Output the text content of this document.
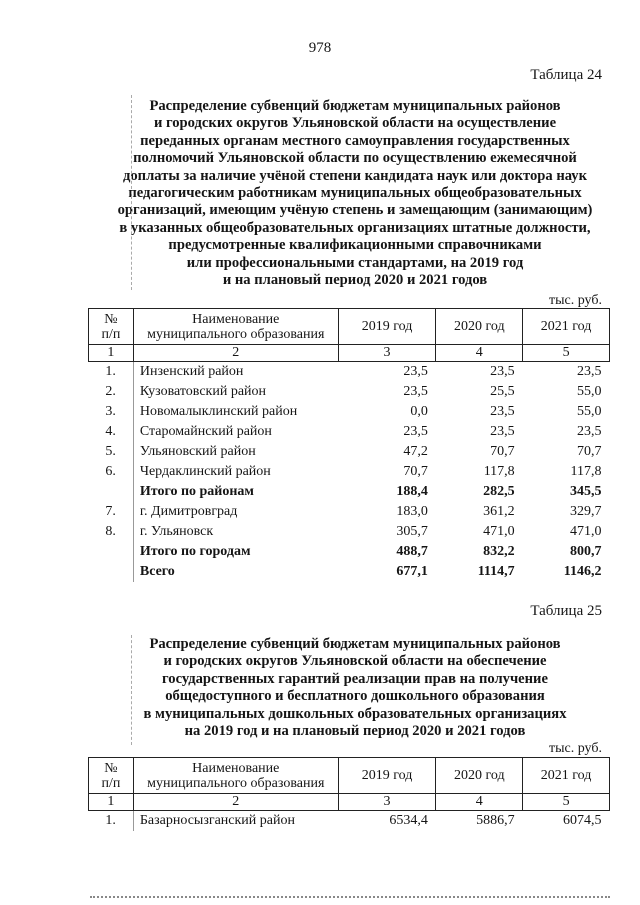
978
Таблица 24
Распределение субвенций бюджетам муниципальных районов
и городских округов Ульяновской области на осуществление
переданных органам местного самоуправления государственных
полномочий Ульяновской области по осуществлению ежемесячной
доплаты за наличие учёной степени кандидата наук или доктора наук
педагогическим работникам муниципальных общеобразовательных
организаций, имеющим учёную степень и замещающим (занимающим)
в указанных общеобразовательных организациях штатные должности,
предусмотренные квалификационными справочниками
или профессиональными стандартами, на 2019 год
и на плановый период 2020 и 2021 годов
тыс. руб.
№
п/п	Наименование
муниципального образования	2019 год	2020 год	2021 год
1	2	3	4	5
1.	Инзенский район	23,5	23,5	23,5
2.	Кузоватовский район	23,5	25,5	55,0
3.	Новомалыклинский район	0,0	23,5	55,0
4.	Старомайнский район	23,5	23,5	23,5
5.	Ульяновский район	47,2	70,7	70,7
6.	Чердаклинский район	70,7	117,8	117,8
	Итого по районам	188,4	282,5	345,5
7.	г. Димитровград	183,0	361,2	329,7
8.	г. Ульяновск	305,7	471,0	471,0
	Итого по городам	488,7	832,2	800,7
	Всего	677,1	1114,7	1146,2
Таблица 25
Распределение субвенций бюджетам муниципальных районов
и городских округов Ульяновской области на обеспечение
государственных гарантий реализации прав на получение
общедоступного и бесплатного дошкольного образования
в муниципальных дошкольных образовательных организациях
на 2019 год и на плановый период 2020 и 2021 годов
тыс. руб.
№
п/п	Наименование
муниципального образования	2019 год	2020 год	2021 год
1	2	3	4	5
1.	Базарносызганский район	6534,4	5886,7	6074,5
